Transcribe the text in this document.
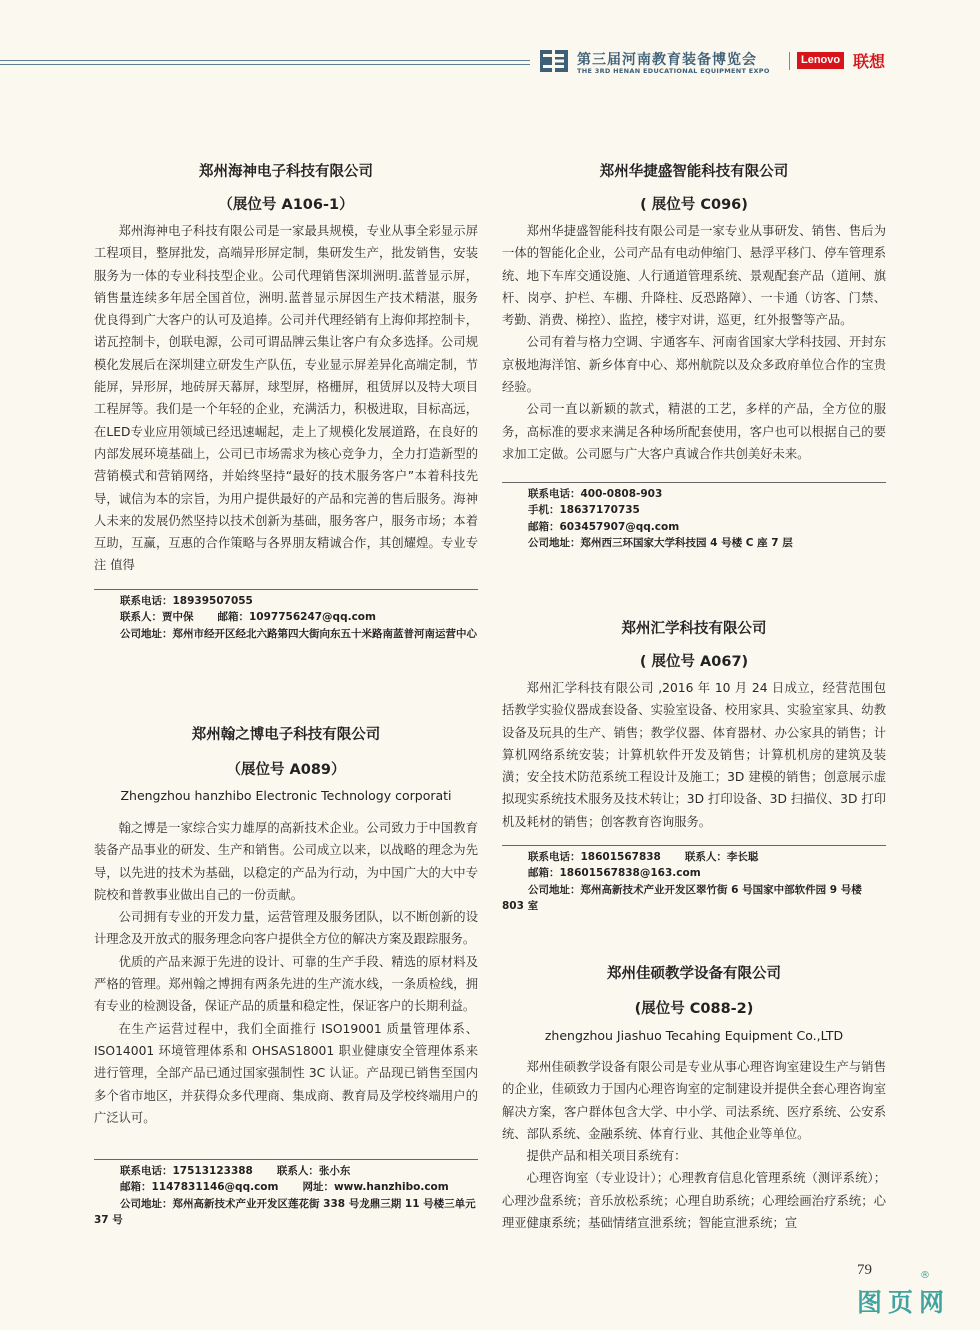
第三届河南教育装备博览会
THE 3RD HENAN EDUCATIONAL EQUIPMENT EXPO
Lenovo 联想
郑州海神电子科技有限公司
（展位号 A106-1）

郑州海神电子科技有限公司是一家最具规模，专业从事全彩显示屏工程项目，整屏批发，高端异形屏定制，集研发生产，批发销售，安装服务为一体的专业科技型企业。公司代理销售深圳洲明.蓝普显示屏，销售量连续多年居全国首位，洲明.蓝普显示屏因生产技术精湛，服务优良得到广大客户的认可及追捧。公司并代理经销有上海仰邦控制卡，诺瓦控制卡，创联电源，公司可谓品牌云集让客户有众多选择。公司规模化发展后在深圳建立研发生产队伍，专业显示屏差异化高端定制，节能屏，异形屏，地砖屏天幕屏，球型屏，格栅屏，租赁屏以及特大项目工程屏等。我们是一个年轻的企业，充满活力，积极进取，目标高远，在LED专业应用领域已经迅速崛起，走上了规模化发展道路，在良好的内部发展环境基础上，公司已市场需求为核心竞争力，全力打造新型的营销模式和营销网络，并始终坚持“最好的技术服务客户”本着科技先导，诚信为本的宗旨，为用户提供最好的产品和完善的售后服务。海神人未来的发展仍然坚持以技术创新为基础，服务客户，服务市场；本着互助，互赢，互惠的合作策略与各界朋友精诚合作，其创耀煌。专业专注 值得

联系电话：18939507055
联系人：贾中保 邮箱：1097756247@qq.com
公司地址：郑州市经开区经北六路第四大街向东五十米路南蓝普河南运营中心
郑州翰之博电子科技有限公司
（展位号 A089）
Zhengzhou hanzhibo Electronic Technology corporati

翰之博是一家综合实力雄厚的高新技术企业。公司致力于中国教育装备产品事业的研发、生产和销售。公司成立以来，以战略的理念为先导，以先进的技术为基础，以稳定的产品为行动，为中国广大的大中专院校和普教事业做出自己的一份贡献。

公司拥有专业的开发力量，运营管理及服务团队，以不断创新的设计理念及开放式的服务理念向客户提供全方位的解决方案及跟踪服务。

优质的产品来源于先进的设计、可靠的生产手段、精选的原材料及严格的管理。郑州翰之博拥有两条先进的生产流水线，一条质检线，拥有专业的检测设备，保证产品的质量和稳定性，保证客户的长期利益。

在生产运营过程中，我们全面推行 ISO19001 质量管理体系、ISO14001 环境管理体系和 OHSAS18001 职业健康安全管理体系来进行管理，全部产品已通过国家强制性 3C 认证。产品现已销售至国内多个省市地区，并获得众多代理商、集成商、教育局及学校终端用户的广泛认可。

联系电话：17513123388 联系人：张小东
邮箱：1147831146@qq.com 网址：www.hanzhibo.com
公司地址：郑州高新技术产业开发区莲花街 338 号龙鼎三期 11 号楼三单元 37 号
郑州华捷盛智能科技有限公司
( 展位号 C096)

郑州华捷盛智能科技有限公司是一家专业从事研发、销售、售后为一体的智能化企业，公司产品有电动伸缩门、悬浮平移门、停车管理系统、地下车库交通设施、人行通道管理系统、景观配套产品（道闸、旗杆、岗亭、护栏、车棚、升降柱、反恐路障）、一卡通（访客、门禁、考勤、消费、梯控）、监控，楼宇对讲，巡更，红外报警等产品。

公司有着与格力空调、宇通客车、河南省国家大学科技园、开封东京极地海洋馆、新乡体育中心、郑州航院以及众多政府单位合作的宝贵经验。

公司一直以新颖的款式，精湛的工艺，多样的产品，全方位的服务，高标准的要求来满足各种场所配套使用，客户也可以根据自己的要求加工定做。公司愿与广大客户真诚合作共创美好未来。

联系电话：400-0808-903
手机：18637170735
邮箱：603457907@qq.com
公司地址：郑州西三环国家大学科技园 4 号楼 C 座 7 层
郑州汇学科技有限公司
( 展位号 A067)

郑州汇学科技有限公司 ,2016 年 10 月 24 日成立，经营范围包括教学实验仪器成套设备、实验室设备、校用家具、实验室家具、幼教设备及玩具的生产、销售；教学仪器、体育器材、办公家具的销售；计算机网络系统安装；计算机软件开发及销售；计算机机房的建筑及装潢；安全技术防范系统工程设计及施工；3D 建模的销售；创意展示虚拟现实系统技术服务及技术转让；3D 打印设备、3D 扫描仪、3D 打印机及耗材的销售；创客教育咨询服务。

联系电话：18601567838 联系人：李长聪
邮箱：18601567838@163.com
公司地址：郑州高新技术产业开发区翠竹街 6 号国家中部软件园 9 号楼 803 室
郑州佳硕教学设备有限公司
(展位号 C088-2)
zhengzhou Jiashuo Tecahing Equipment Co.,LTD

郑州佳硕教学设备有限公司是专业从事心理咨询室建设生产与销售的企业，佳硕致力于国内心理咨询室的定制建设并提供全套心理咨询室解决方案，客户群体包含大学、中小学、司法系统、医疗系统、公安系统、部队系统、金融系统、体育行业、其他企业等单位。

提供产品和相关项目系统有：

心理咨询室（专业设计）；心理教育信息化管理系统（测评系统）；心理沙盘系统；音乐放松系统；心理自助系统；心理绘画治疗系统；心理亚健康系统；基础情绪宣泄系统；智能宣泄系统；宣

79
图页网
®
